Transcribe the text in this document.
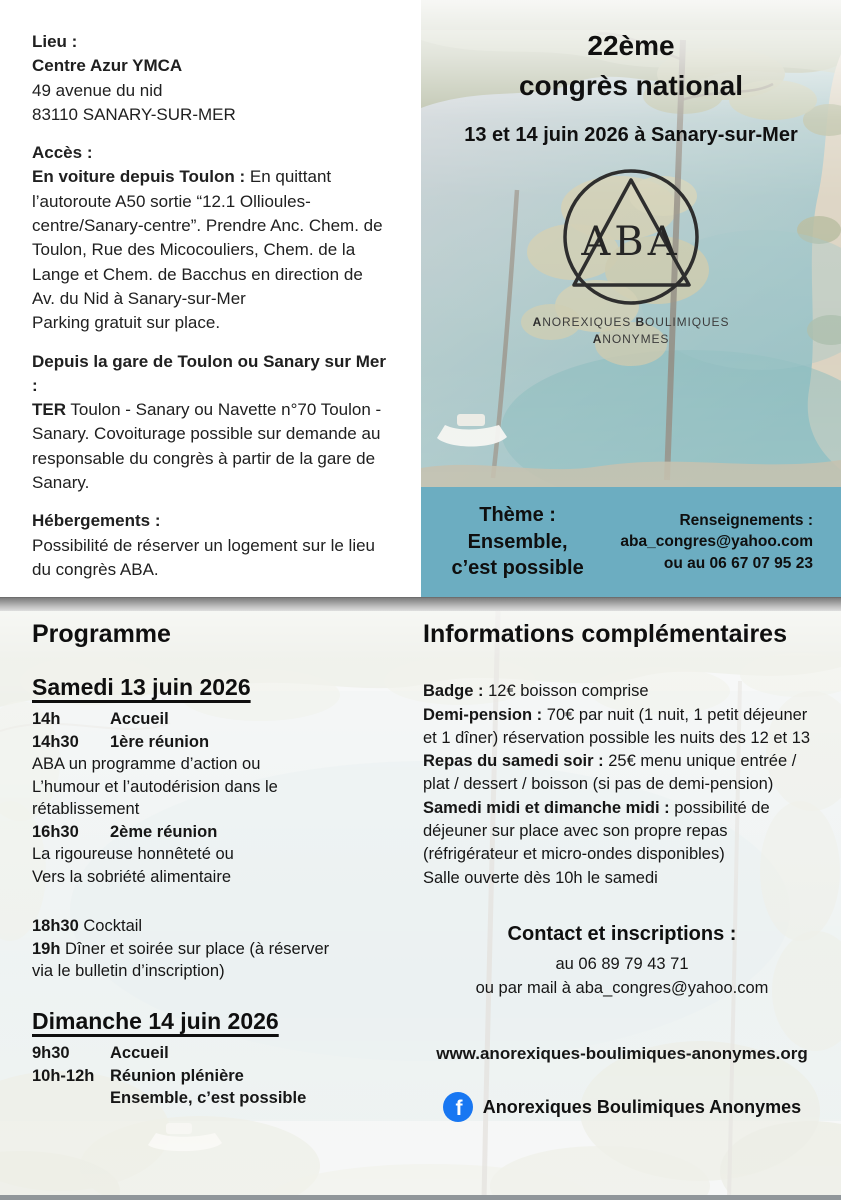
Lieu :
Centre Azur YMCA
49 avenue du nid
83110 SANARY-SUR-MER
Accès :

En voiture depuis Toulon : En quittant l’autoroute A50 sortie “12.1 Ollioules-centre/Sanary-centre”. Prendre Anc. Chem. de Toulon, Rue des Micocouliers, Chem. de la Lange et Chem. de Bacchus en direction de Av. du Nid à Sanary-sur-Mer

Parking gratuit sur place.
Depuis la gare de Toulon ou Sanary sur Mer :

TER Toulon - Sanary ou Navette n°70 Toulon - Sanary. Covoiturage possible sur demande au responsable du congrès à partir de la gare de Sanary.

Hébergements :
Possibilité de réserver un logement sur le lieu du congrès ABA.
22ème
congrès national
13 et 14 juin 2026 à Sanary-sur-Mer
ABA
ANOREXIQUES BOULIMIQUES
ANONYMES
Thème :
Ensemble,
c’est possible
Renseignements :
aba_congres@yahoo.com
ou au 06 67 07 95 23
Programme
Samedi 13 juin 2026
14h	Accueil
14h30 1ère réunion
ABA un programme d’action ou
L’humour et l’autodérision dans le
rétablissement
16h30 2ème réunion
La rigoureuse honnêteté ou
Vers la sobriété alimentaire

18h30 Cocktail

19h Dîner et soirée sur place (à réserver

via le bulletin d’inscription)

Dimanche 14 juin 2026
9h30 Accueil
10h-12h Réunion plénière
Ensemble, c’est possible
Informations complémentaires

Badge : 12€ boisson comprise

Demi-pension : 70€ par nuit (1 nuit, 1 petit déjeuner et 1 dîner) réservation possible les nuits des 12 et 13

Repas du samedi soir : 25€ menu unique entrée / plat / dessert / boisson (si pas de demi-pension)

Samedi midi et dimanche midi : possibilité de déjeuner sur place avec son propre repas (réfrigérateur et micro-ondes disponibles)

Salle ouverte dès 10h le samedi

Contact et inscriptions :
au 06 89 79 43 71
ou par mail à aba_congres@yahoo.com
www.anorexiques-boulimiques-anonymes.org
f Anorexiques Boulimiques Anonymes
